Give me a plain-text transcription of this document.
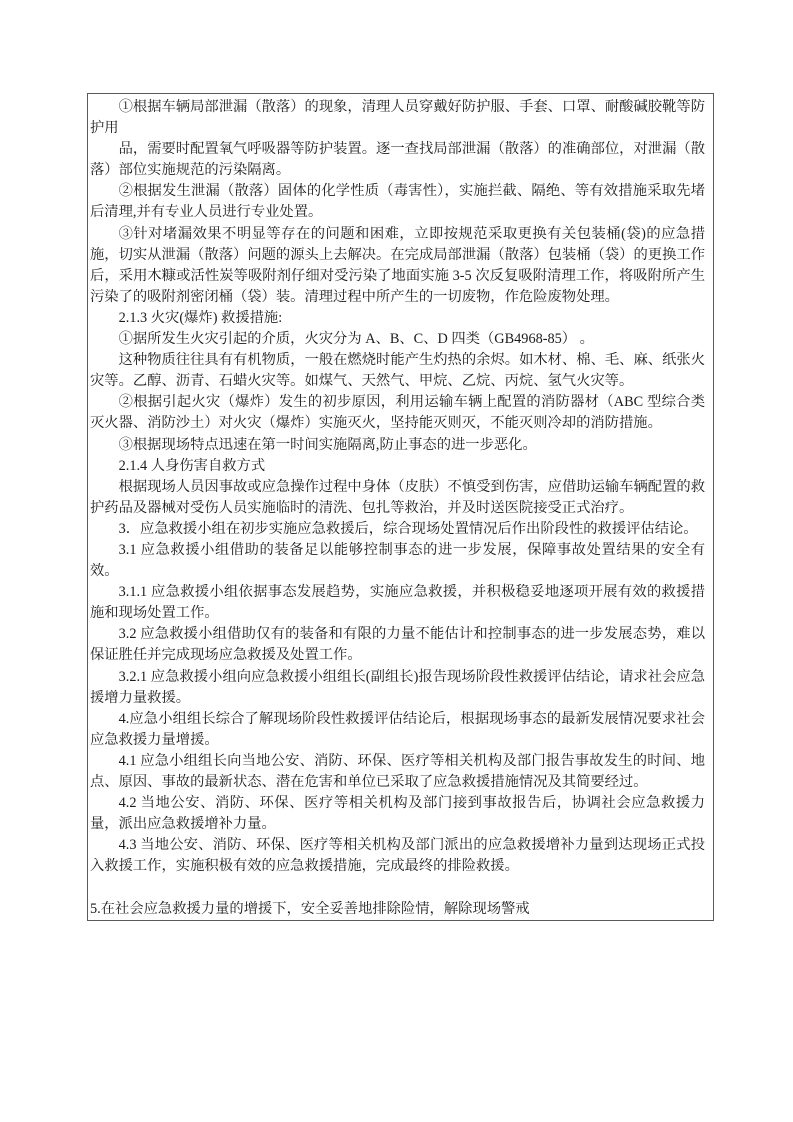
①根据车辆局部泄漏（散落）的现象，清理人员穿戴好防护服、手套、口罩、耐酸碱胶靴等防护用
品，需要时配置氧气呼吸器等防护装置。逐一查找局部泄漏（散落）的准确部位，对泄漏（散落）部位实施规范的污染隔离。
②根据发生泄漏（散落）固体的化学性质（毒害性），实施拦截、隔绝、等有效措施采取先堵后清理,并有专业人员进行专业处置。
③针对堵漏效果不明显等存在的问题和困难，立即按规范采取更换有关包装桶(袋)的应急措施，切实从泄漏（散落）问题的源头上去解决。在完成局部泄漏（散落）包装桶（袋）的更换工作后，采用木糠或活性炭等吸附剂仔细对受污染了地面实施 3-5 次反复吸附清理工作，将吸附所产生污染了的吸附剂密闭桶（袋）装。清理过程中所产生的一切废物，作危险废物处理。
2.1.3 火灾(爆炸) 救援措施:
①据所发生火灾引起的介质，火灾分为 A、B、C、D 四类（GB4968-85） 。
这种物质往往具有有机物质，一般在燃烧时能产生灼热的余烬。如木材、棉、毛、麻、纸张火灾等。乙醇、沥青、石蜡火灾等。如煤气、天然气、甲烷、乙烷、丙烷、氢气火灾等。
②根据引起火灾（爆炸）发生的初步原因，利用运输车辆上配置的消防器材（ABC 型综合类灭火器、消防沙土）对火灾（爆炸）实施灭火，坚持能灭则灭，不能灭则冷却的消防措施。
③根据现场特点迅速在第一时间实施隔离,防止事态的进一步恶化。
2.1.4 人身伤害自救方式
根据现场人员因事故或应急操作过程中身体（皮肤）不慎受到伤害，应借助运输车辆配置的救护药品及器械对受伤人员实施临时的清洗、包扎等救治，并及时送医院接受正式治疗。
3．应急救援小组在初步实施应急救援后，综合现场处置情况后作出阶段性的救援评估结论。
3.1 应急救援小组借助的装备足以能够控制事态的进一步发展，保障事故处置结果的安全有效。
3.1.1 应急救援小组依据事态发展趋势，实施应急救援，并积极稳妥地逐项开展有效的救援措施和现场处置工作。
3.2 应急救援小组借助仅有的装备和有限的力量不能估计和控制事态的进一步发展态势，难以保证胜任并完成现场应急救援及处置工作。
3.2.1 应急救援小组向应急救援小组组长(副组长)报告现场阶段性救援评估结论，请求社会应急援增力量救援。
4.应急小组组长综合了解现场阶段性救援评估结论后，根据现场事态的最新发展情况要求社会应急救援力量增援。
4.1 应急小组组长向当地公安、消防、环保、医疗等相关机构及部门报告事故发生的时间、地点、原因、事故的最新状态、潜在危害和单位已采取了应急救援措施情况及其简要经过。
4.2 当地公安、消防、环保、医疗等相关机构及部门接到事故报告后，协调社会应急救援力量，派出应急救援增补力量。
4.3 当地公安、消防、环保、医疗等相关机构及部门派出的应急救援增补力量到达现场正式投入救援工作，实施积极有效的应急救援措施，完成最终的排险救援。
5.在社会应急救援力量的增援下，安全妥善地排除险情，解除现场警戒
